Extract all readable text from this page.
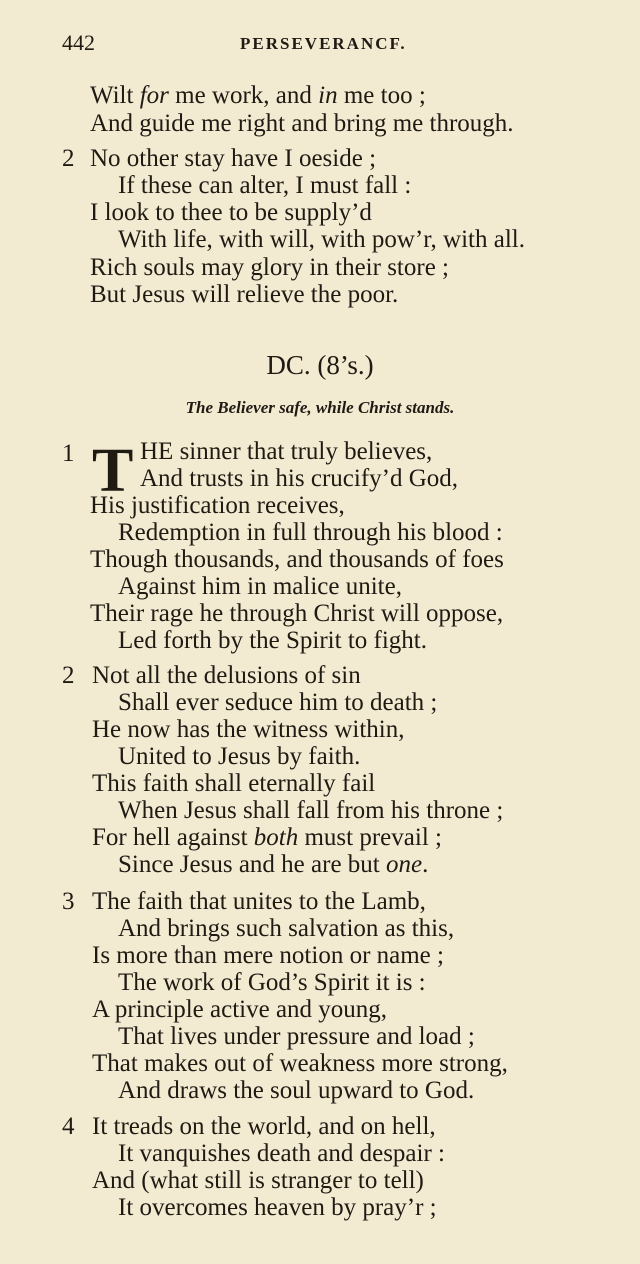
442	PERSEVERANCF.
Wilt for me work, and in me too ;
And guide me right and bring me through.
2 No other stay have I oeside ;
If these can alter, I must fall :
I look to thee to be supply’d
With life, with will, with pow’r, with all.
Rich souls may glory in their store ;
But Jesus will relieve the poor.
DC. (8’s.)
The Believer safe, while Christ stands.
1 T HE sinner that truly believes,
And trusts in his crucify’d God,
His justification receives,
Redemption in full through his blood :
Though thousands, and thousands of foes
Against him in malice unite,
Their rage he through Christ will oppose,
Led forth by the Spirit to fight.
2 Not all the delusions of sin
Shall ever seduce him to death ;
He now has the witness within,
United to Jesus by faith.
This faith shall eternally fail
When Jesus shall fall from his throne ;
For hell against both must prevail ;
Since Jesus and he are but one.
3 The faith that unites to the Lamb,
And brings such salvation as this,
Is more than mere notion or name ;
The work of God’s Spirit it is :
A principle active and young,
That lives under pressure and load ;
That makes out of weakness more strong,
And draws the soul upward to God.
4 It treads on the world, and on hell,
It vanquishes death and despair :
And (what still is stranger to tell)
It overcomes heaven by pray’r ;
